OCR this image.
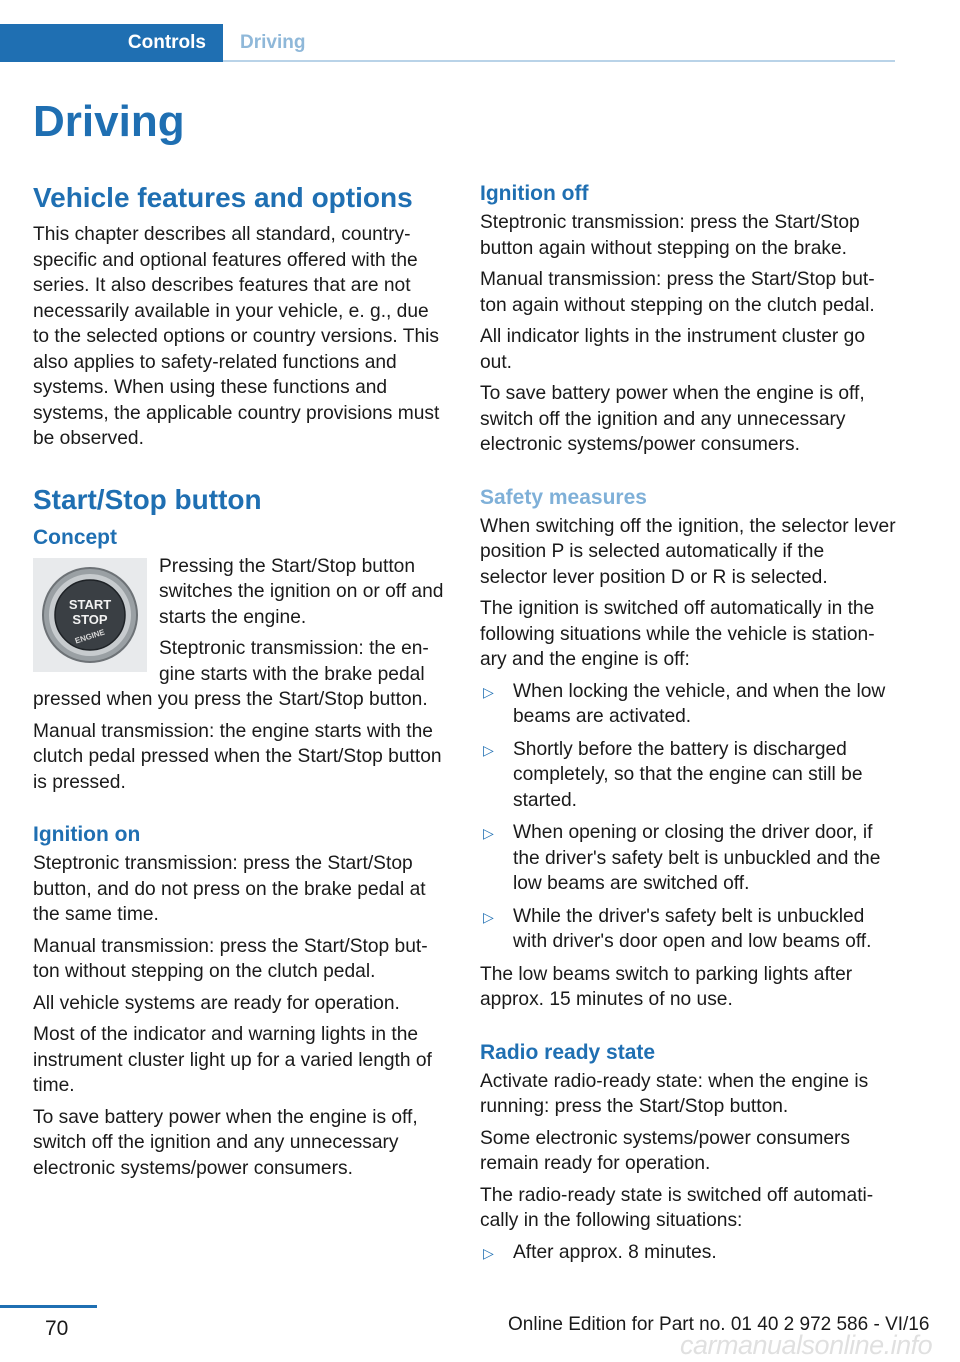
Controls Driving
Driving
Vehicle features and options

This chapter describes all standard, country-specific and optional features offered with the series. It also describes features that are not necessarily available in your vehicle, e. g., due to the selected options or country versions. This also applies to safety-related functions and systems. When using these functions and systems, the applicable country provisions must be observed.

Start/Stop button
Concept
START
STOP
ENGINE

Pressing the Start/Stop button switches the ignition on or off and starts the engine.

Steptronic transmission: the en‐gine starts with the brake pedal pressed when you press the Start/Stop button.

Manual transmission: the engine starts with the clutch pedal pressed when the Start/Stop button is pressed.

Ignition on

Steptronic transmission: press the Start/Stop button, and do not press on the brake pedal at the same time.

Manual transmission: press the Start/Stop but‐ton without stepping on the clutch pedal.

All vehicle systems are ready for operation.

Most of the indicator and warning lights in the instrument cluster light up for a varied length of time.

To save battery power when the engine is off, switch off the ignition and any unnecessary electronic systems/power consumers.

Ignition off

Steptronic transmission: press the Start/Stop button again without stepping on the brake.

Manual transmission: press the Start/Stop but‐ton again without stepping on the clutch pedal.

All indicator lights in the instrument cluster go out.

To save battery power when the engine is off, switch off the ignition and any unnecessary electronic systems/power consumers.

Safety measures

When switching off the ignition, the selector lever position P is selected automatically if the selector lever position D or R is selected.

The ignition is switched off automatically in the following situations while the vehicle is station‐ary and the engine is off:

▷ When locking the vehicle, and when the low beams are activated.
▷ Shortly before the battery is discharged completely, so that the engine can still be started.
▷ When opening or closing the driver door, if the driver's safety belt is unbuckled and the low beams are switched off.
▷ While the driver's safety belt is unbuckled with driver's door open and low beams off.

The low beams switch to parking lights after approx. 15 minutes of no use.

Radio ready state

Activate radio-ready state: when the engine is running: press the Start/Stop button.

Some electronic systems/power consumers remain ready for operation.

The radio-ready state is switched off automati‐cally in the following situations:

▷ After approx. 8 minutes.
70	Online Edition for Part no. 01 40 2 972 586 - VI/16
carmanualsonline.info
